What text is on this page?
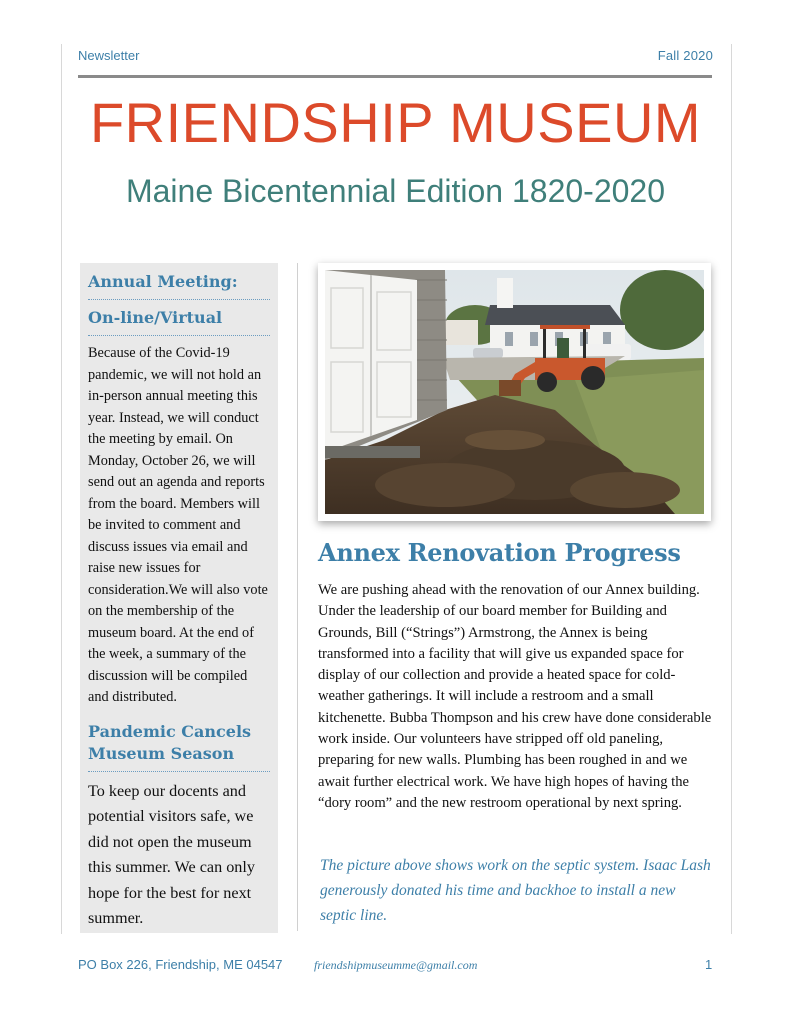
Newsletter	Fall 2020
FRIENDSHIP MUSEUM
Maine Bicentennial Edition 1820-2020
Annual Meeting:
On-line/Virtual
Because of the Covid-19 pandemic, we will not hold an in-person annual meeting this year. Instead, we will conduct the meeting by email. On Monday, October 26, we will send out an agenda and reports from the board. Members will be invited to comment and discuss issues via email and raise new issues for consideration.We will also vote on the membership of the museum board. At the end of the week, a summary of the discussion will be compiled and distributed.
Pandemic Cancels Museum Season
To keep our docents and potential visitors safe, we did not open the museum this summer. We can only hope for the best for next summer.
Annex Renovation Progress
We are pushing ahead with the renovation of our Annex building. Under the leadership of our board member for Building and Grounds, Bill (“Strings”) Armstrong, the Annex is being transformed into a facility that will give us expanded space for display of our collection and provide a heated space for cold-weather gatherings. It will include a restroom and a small kitchenette. Bubba Thompson and his crew have done considerable work inside. Our volunteers have stripped off old paneling, preparing for new walls. Plumbing has been roughed in and we await further electrical work. We have high hopes of having the “dory room” and the new restroom operational by next spring.
The picture above shows work on the septic system. Isaac Lash generously donated his time and backhoe to install a new septic line.
PO Box 226, Friendship, ME 04547	friendshipmuseumme@gmail.com	1
